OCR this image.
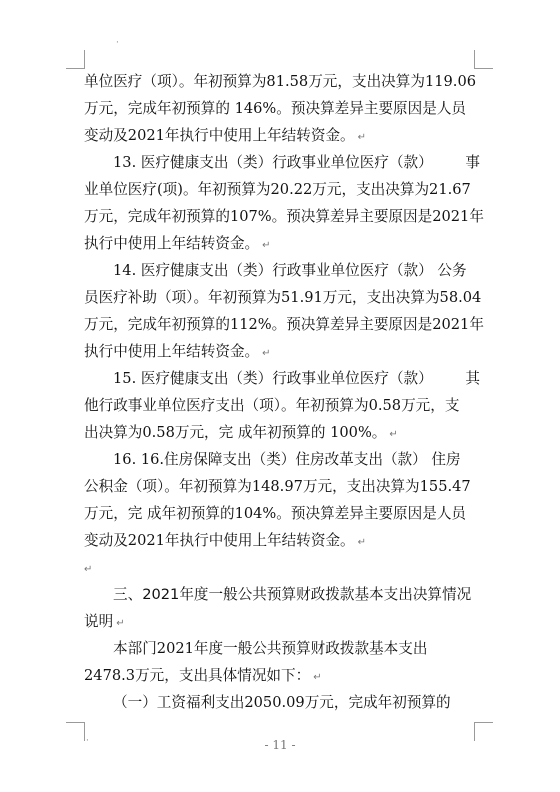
·
·
单位医疗（项）。年初预算为81.58万元，支出决算为119.06
万元，完成年初预算的 146%。预决算差异主要原因是人员
变动及2021年执行中使用上年结转资金。 ↵
13. 医疗健康支出（类）行政事业单位医疗（款） 事
业单位医疗(项)。年初预算为20.22万元，支出决算为21.67
万元，完成年初预算的107%。预决算差异主要原因是2021年
执行中使用上年结转资金。 ↵
14. 医疗健康支出（类）行政事业单位医疗（款） 公务
员医疗补助（项）。年初预算为51.91万元，支出决算为58.04
万元，完成年初预算的112%。预决算差异主要原因是2021年
执行中使用上年结转资金。 ↵
15. 医疗健康支出（类）行政事业单位医疗（款） 其
他行政事业单位医疗支出（项）。年初预算为0.58万元，支
出决算为0.58万元，完 成年初预算的 100%。 ↵
16. 16.住房保障支出（类）住房改革支出（款） 住房
公积金（项）。年初预算为148.97万元，支出决算为155.47
万元，完 成年初预算的104%。预决算差异主要原因是人员
变动及2021年执行中使用上年结转资金。 ↵
↵
三、2021年度一般公共预算财政拨款基本支出决算情况
说明 ↵
本部门2021年度一般公共预算财政拨款基本支出
2478.3万元，支出具体情况如下： ↵
（一）工资福利支出2050.09万元，完成年初预算的
- 11 -
